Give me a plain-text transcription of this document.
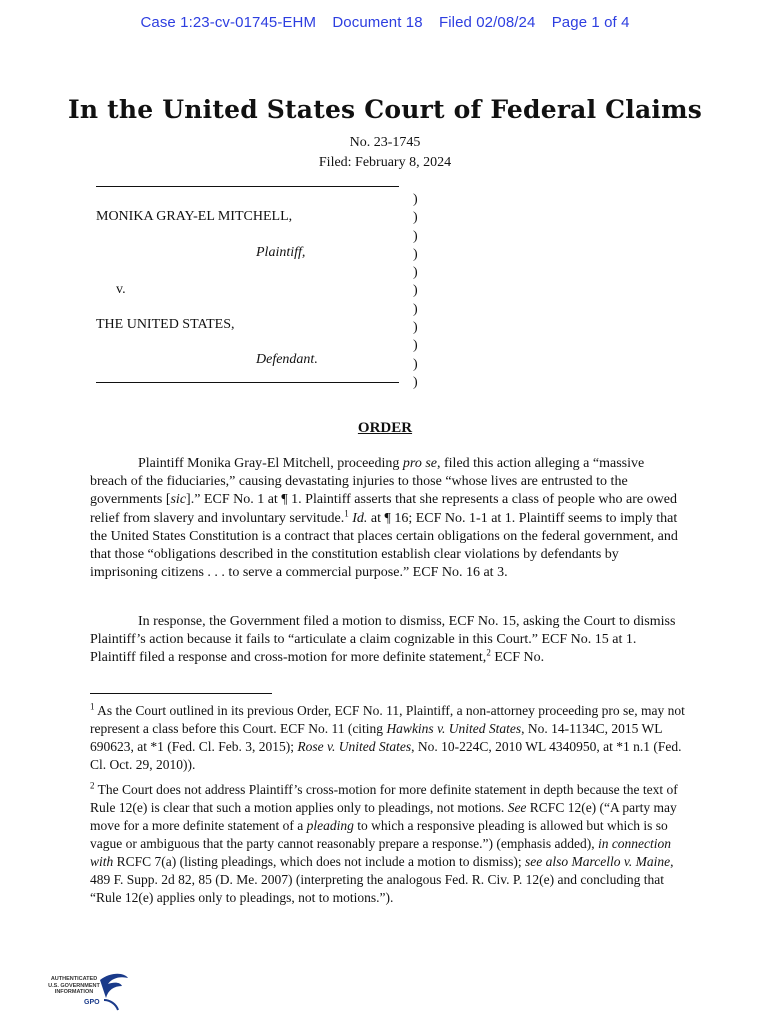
Case 1:23-cv-01745-EHM Document 18 Filed 02/08/24 Page 1 of 4
In the United States Court of Federal Claims
No. 23-1745
Filed: February 8, 2024
MONIKA GRAY-EL MITCHELL,
Plaintiff,
v.
THE UNITED STATES,
Defendant.
)
)
)
)
)
)
)
)
)
)
)
ORDER
Plaintiff Monika Gray-El Mitchell, proceeding pro se, filed this action alleging a “massive breach of the fiduciaries,” causing devastating injuries to those “whose lives are entrusted to the governments [sic].” ECF No. 1 at ¶ 1. Plaintiff asserts that she represents a class of people who are owed relief from slavery and involuntary servitude.$^1$ Id. at ¶ 16; ECF No. 1-1 at 1. Plaintiff seems to imply that the United States Constitution is a contract that places certain obligations on the federal government, and that those “obligations described in the constitution establish clear violations by defendants by imprisoning citizens . . . to serve a commercial purpose.” ECF No. 16 at 3.
In response, the Government filed a motion to dismiss, ECF No. 15, asking the Court to dismiss Plaintiff’s action because it fails to “articulate a claim cognizable in this Court.” ECF No. 15 at 1. Plaintiff filed a response and cross-motion for more definite statement,$^2$ ECF No.
$^1$ As the Court outlined in its previous Order, ECF No. 11, Plaintiff, a non-attorney proceeding pro se, may not represent a class before this Court. ECF No. 11 (citing Hawkins v. United States, No. 14-1134C, 2015 WL 690623, at *1 (Fed. Cl. Feb. 3, 2015); Rose v. United States, No. 10-224C, 2010 WL 4340950, at *1 n.1 (Fed. Cl. Oct. 29, 2010)).
$^2$ The Court does not address Plaintiff’s cross-motion for more definite statement in depth because the text of Rule 12(e) is clear that such a motion applies only to pleadings, not motions. See RCFC 12(e) (“A party may move for a more definite statement of a pleading to which a responsive pleading is allowed but which is so vague or ambiguous that the party cannot reasonably prepare a response.”) (emphasis added), in connection with RCFC 7(a) (listing pleadings, which does not include a motion to dismiss); see also Marcello v. Maine, 489 F. Supp. 2d 82, 85 (D. Me. 2007) (interpreting the analogous Fed. R. Civ. P. 12(e) and concluding that “Rule 12(e) applies only to pleadings, not to motions.”).
AUTHENTICATED
U.S. GOVERNMENT
INFORMATION
GPO
